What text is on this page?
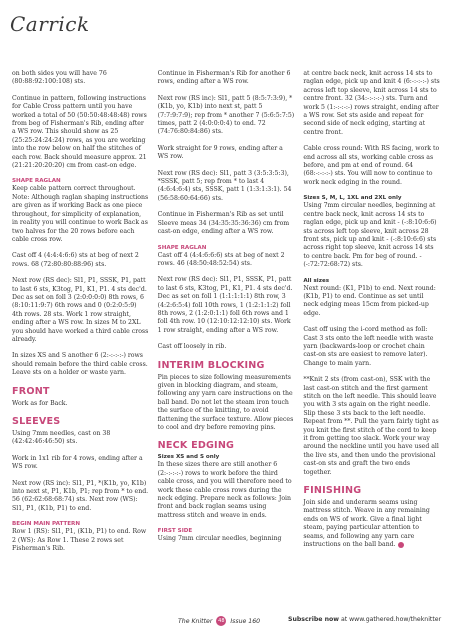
Carrick

on both sides you will have 76 (80:88:92:100:108) sts.

Continue in pattern, following instructions for Cable Cross pattern until you have worked a total of 50 (50:50:48:48:48) rows from beg of Fisherman's Rib, ending after a WS row. This should show as 25 (25:25:24:24:24) rows, as you are working into the row below on half the stitches of each row. Back should measure approx. 21 (21:21:20:20:20) cm from cast-on edge.

SHAPE RAGLAN

Keep cable pattern correct throughout. Note: Although raglan shaping instructions are given as if working Back as one piece throughout, for simplicity of explanation, in reality you will continue to work Back as two halves for the 20 rows before each cable cross row.

Cast off 4 (4:4:4:6:6) sts at beg of next 2 rows. 68 (72:80:80:88:96) sts.

Next row (RS dec): Sl1, P1, SSSK, P1, patt to last 6 sts, K3tog, P1, K1, P1. 4 sts dec'd. Dec as set on foll 3 (2:0:0:0:0) 8th rows, 6 (8:10:11:9:7) 6th rows and 0 (0:2:0:5:9) 4th rows. 28 sts. Work 1 row straight, ending after a WS row. In sizes M to 2XL you should have worked a third cable cross already.

In sizes XS and S another 6 (2:-:-:-:-) rows should remain before the third cable cross. Leave sts on a holder or waste yarn.

FRONT

Work as for Back.

SLEEVES

Using 7mm needles, cast on 38 (42:42:46:46:50) sts.

Work in 1x1 rib for 4 rows, ending after a WS row.

Next row (RS inc): Sl1, P1, *(K1b, yo, K1b) into next st, P1, K1b, P1; rep from * to end. 56 (62:62:68:68:74) sts. Next row (WS): Sl1, P1, (K1b, P1) to end.

BEGIN MAIN PATTERN

Row 1 (RS): Sl1, P1, (K1b, P1) to end. Row 2 (WS): As Row 1. These 2 rows set Fisherman's Rib.

Continue in Fisherman's Rib for another 6 rows, ending after a WS row.

Next row (RS inc): Sl1, patt 5 (8:5:7:3:9), *(K1b, yo, K1b) into next st, patt 5 (7:7:9:7:9); rep from * another 7 (5:6:5:7:5) times, patt 2 (4:0:0:0:4) to end. 72 (74:76:80:84:86) sts.

Work straight for 9 rows, ending after a WS row.

Next row (RS dec): Sl1, patt 3 (3:5:3:5:3), *SSSK, patt 5; rep from * to last 4 (4:6:4:6:4) sts, SSSK, patt 1 (1:3:1:3:1). 54 (56:58:60:64:66) sts.

Continue in Fisherman's Rib as set until Sleeve meas 34 (34:35:35:36:36) cm from cast-on edge, ending after a WS row.

SHAPE RAGLAN

Cast off 4 (4:4:6:6:6) sts at beg of next 2 rows. 46 (48:50:48:52:54) sts.

Next row (RS dec): Sl1, P1, SSSK, P1, patt to last 6 sts, K3tog, P1, K1, P1. 4 sts dec'd. Dec as set on foll 1 (1:1:1:1:1) 8th row, 3 (4:2:6:5:4) foll 10th rows, 1 (1:2:1:1:2) foll 8th rows, 2 (1:2:0:1:1) foll 6th rows and 1 foll 4th row. 10 (12:10:12:12:10) sts. Work 1 row straight, ending after a WS row.

Cast off loosely in rib.

INTERIM BLOCKING

Pin pieces to size following measurements given in blocking diagram, and steam, following any yarn care instructions on the ball band. Do not let the steam iron touch the surface of the knitting, to avoid flattening the surface texture. Allow pieces to cool and dry before removing pins.

NECK EDGING
Sizes XS and S only

In these sizes there are still another 6 (2:-:-:-:-) rows to work before the third cable cross, and you will therefore need to work these cable cross rows during the neck edging. Prepare neck as follows: Join front and back raglan seams using mattress stitch and weave in ends.

FIRST SIDE

Using 7mm circular needles, beginning

at centre back neck, knit across 14 sts to raglan edge, pick up and knit 4 (6:-:-:-:-) sts across left top sleeve, knit across 14 sts to centre front. 32 (34:-:-:-:-) sts. Turn and work 5 (1:-:-:-:-) rows straight, ending after a WS row. Set sts aside and repeat for second side of neck edging, starting at centre front.

Cable cross round: With RS facing, work to end across all sts, working cable cross as before, and pm at end of round. 64 (68:-:-:-:-) sts. You will now to continue to work neck edging in the round.

Sizes S, M, L, 1XL and 2XL only

Using 7mm circular needles, beginning at centre back neck, knit across 14 sts to raglan edge, pick up and knit - (-:8:10:6:6) sts across left top sleeve, knit across 28 front sts, pick up and knit - (-:8:10:6:6) sts across right top sleeve, knit across 14 sts to centre back. Pm for beg of round. - (-:72:72:68:72) sts.

All sizes

Next round: (K1, P1b) to end. Next round: (K1b, P1) to end. Continue as set until neck edging meas 15cm from picked-up edge.

Cast off using the i-cord method as foll: Cast 3 sts onto the left needle with waste yarn (backwards-loop or crochet chain cast-on sts are easiest to remove later). Change to main yarn.

**Knit 2 sts (from cast-on), SSK with the last cast-on stitch and the first garment stitch on the left needle. This should leave you with 3 sts again on the right needle. Slip these 3 sts back to the left needle. Repeat from **. Pull the yarn fairly tight as you knit the first stitch of the cord to keep it from getting too slack. Work your way around the neckline until you have used all the live sts, and then undo the provisional cast-on sts and graft the two ends together.

FINISHING

Join side and underarm seams using mattress stitch. Weave in any remaining ends on WS of work. Give a final light steam, paying particular attention to seams, and following any yarn care instructions on the ball band.

The Knitter 48 Issue 160	Subscribe now at www.gathered.how/theknitter
